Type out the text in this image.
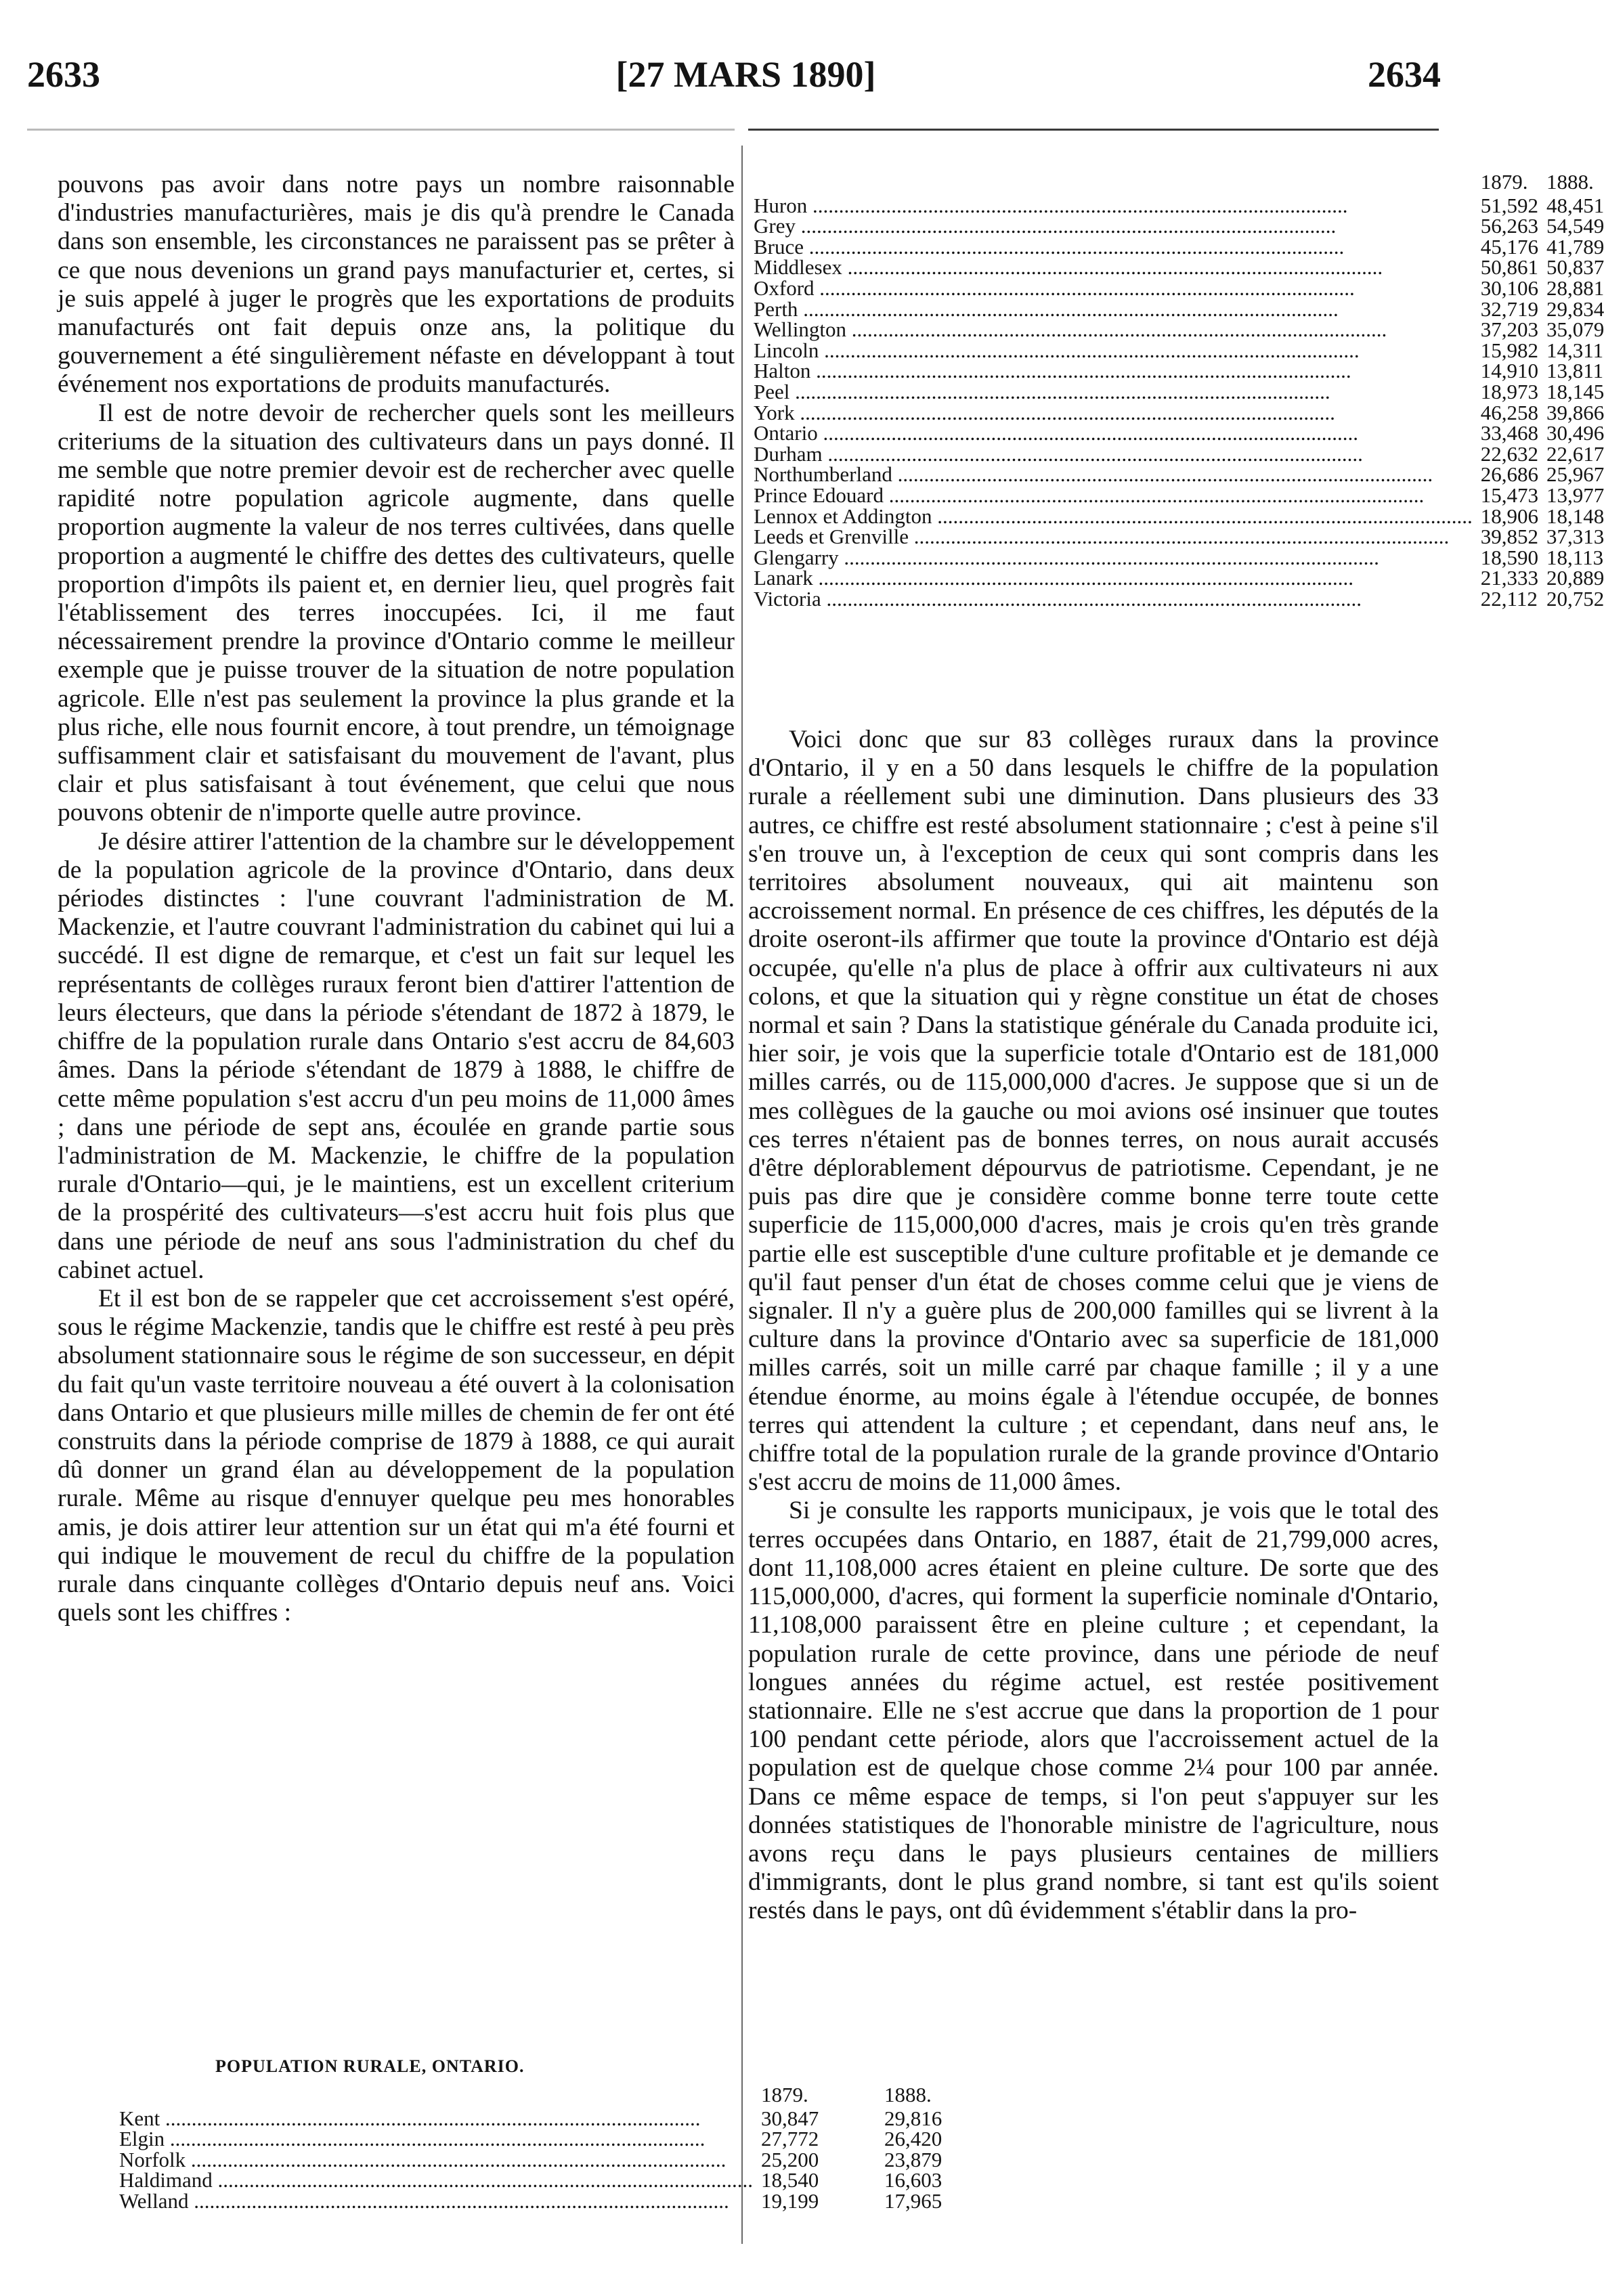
2633	[27 MARS 1890]	2634

pouvons pas avoir dans notre pays un nombre raisonnable d'industries manufacturières, mais je dis qu'à prendre le Canada dans son ensemble, les circonstances ne paraissent pas se prêter à ce que nous devenions un grand pays manufacturier et, certes, si je suis appelé à juger le progrès que les exportations de produits manufacturés ont fait depuis onze ans, la politique du gouvernement a été singulièrement néfaste en développant à tout événement nos exportations de produits manufacturés.

Il est de notre devoir de rechercher quels sont les meilleurs criteriums de la situation des cultivateurs dans un pays donné. Il me semble que notre premier devoir est de rechercher avec quelle rapidité notre population agricole augmente, dans quelle proportion augmente la valeur de nos terres cultivées, dans quelle proportion a augmenté le chiffre des dettes des cultivateurs, quelle proportion d'impôts ils paient et, en dernier lieu, quel progrès fait l'établissement des terres inoccupées. Ici, il me faut nécessairement prendre la province d'Ontario comme le meilleur exemple que je puisse trouver de la situation de notre population agricole. Elle n'est pas seulement la province la plus grande et la plus riche, elle nous fournit encore, à tout prendre, un témoignage suffisamment clair et satisfaisant du mouvement de l'avant, plus clair et plus satisfaisant à tout événement, que celui que nous pouvons obtenir de n'importe quelle autre province.

Je désire attirer l'attention de la chambre sur le développement de la population agricole de la province d'Ontario, dans deux périodes distinctes : l'une couvrant l'administration de M. Mackenzie, et l'autre couvrant l'administration du cabinet qui lui a succédé. Il est digne de remarque, et c'est un fait sur lequel les représentants de collèges ruraux feront bien d'attirer l'attention de leurs électeurs, que dans la période s'étendant de 1872 à 1879, le chiffre de la population rurale dans Ontario s'est accru de 84,603 âmes. Dans la période s'étendant de 1879 à 1888, le chiffre de cette même population s'est accru d'un peu moins de 11,000 âmes ; dans une période de sept ans, écoulée en grande partie sous l'administration de M. Mackenzie, le chiffre de la population rurale d'Ontario—qui, je le maintiens, est un excellent criterium de la prospérité des cultivateurs—s'est accru huit fois plus que dans une période de neuf ans sous l'administration du chef du cabinet actuel.

Et il est bon de se rappeler que cet accroissement s'est opéré, sous le régime Mackenzie, tandis que le chiffre est resté à peu près absolument stationnaire sous le régime de son successeur, en dépit du fait qu'un vaste territoire nouveau a été ouvert à la colonisation dans Ontario et que plusieurs mille milles de chemin de fer ont été construits dans la période comprise de 1879 à 1888, ce qui aurait dû donner un grand élan au développement de la population rurale. Même au risque d'ennuyer quelque peu mes honorables amis, je dois attirer leur attention sur un état qui m'a été fourni et qui indique le mouvement de recul du chiffre de la population rurale dans cinquante collèges d'Ontario depuis neuf ans. Voici quels sont les chiffres :

POPULATION RURALE, ONTARIO.
	1879.	1888.
Kent .....	30,847	29,816
Elgin .....	27,772	26,420
Norfolk .....	25,200	23,879
Haldimand .....	18,540	16,603
Welland .....	19,199	17,965
	1879.	1888.
Huron .....	51,592	48,451
Grey .....	56,263	54,549
Bruce .....	45,176	41,789
Middlesex .....	50,861	50,837
Oxford .....	30,106	28,881
Perth .....	32,719	29,834
Wellington .....	37,203	35,079
Lincoln .....	15,982	14,311
Halton .....	14,910	13,811
Peel .....	18,973	18,145
York .....	46,258	39,866
Ontario .....	33,468	30,496
Durham .....	22,632	22,617
Northumberland .....	26,686	25,967
Prince Edouard .....	15,473	13,977
Lennox et Addington .....	18,906	18,148
Leeds et Grenville .....	39,852	37,313
Glengarry .....	18,590	18,113
Lanark .....	21,333	20,889
Victoria .....	22,112	20,752

Voici donc que sur 83 collèges ruraux dans la province d'Ontario, il y en a 50 dans lesquels le chiffre de la population rurale a réellement subi une diminution. Dans plusieurs des 33 autres, ce chiffre est resté absolument stationnaire ; c'est à peine s'il s'en trouve un, à l'exception de ceux qui sont compris dans les territoires absolument nouveaux, qui ait maintenu son accroissement normal. En présence de ces chiffres, les députés de la droite oseront-ils affirmer que toute la province d'Ontario est déjà occupée, qu'elle n'a plus de place à offrir aux cultivateurs ni aux colons, et que la situation qui y règne constitue un état de choses normal et sain ? Dans la statistique générale du Canada produite ici, hier soir, je vois que la superficie totale d'Ontario est de 181,000 milles carrés, ou de 115,000,000 d'acres. Je suppose que si un de mes collègues de la gauche ou moi avions osé insinuer que toutes ces terres n'étaient pas de bonnes terres, on nous aurait accusés d'être déplorablement dépourvus de patriotisme. Cependant, je ne puis pas dire que je considère comme bonne terre toute cette superficie de 115,000,000 d'acres, mais je crois qu'en très grande partie elle est susceptible d'une culture profitable et je demande ce qu'il faut penser d'un état de choses comme celui que je viens de signaler. Il n'y a guère plus de 200,000 familles qui se livrent à la culture dans la province d'Ontario avec sa superficie de 181,000 milles carrés, soit un mille carré par chaque famille ; il y a une étendue énorme, au moins égale à l'étendue occupée, de bonnes terres qui attendent la culture ; et cependant, dans neuf ans, le chiffre total de la population rurale de la grande province d'Ontario s'est accru de moins de 11,000 âmes.

Si je consulte les rapports municipaux, je vois que le total des terres occupées dans Ontario, en 1887, était de 21,799,000 acres, dont 11,108,000 acres étaient en pleine culture. De sorte que des 115,000,000, d'acres, qui forment la superficie nominale d'Ontario, 11,108,000 paraissent être en pleine culture ; et cependant, la population rurale de cette province, dans une période de neuf longues années du régime actuel, est restée positivement stationnaire. Elle ne s'est accrue que dans la proportion de 1 pour 100 pendant cette période, alors que l'accroissement actuel de la population est de quelque chose comme 2¼ pour 100 par année. Dans ce même espace de temps, si l'on peut s'appuyer sur les données statistiques de l'honorable ministre de l'agriculture, nous avons reçu dans le pays plusieurs centaines de milliers d'immigrants, dont le plus grand nombre, si tant est qu'ils soient restés dans le pays, ont dû évidemment s'établir dans la pro-
